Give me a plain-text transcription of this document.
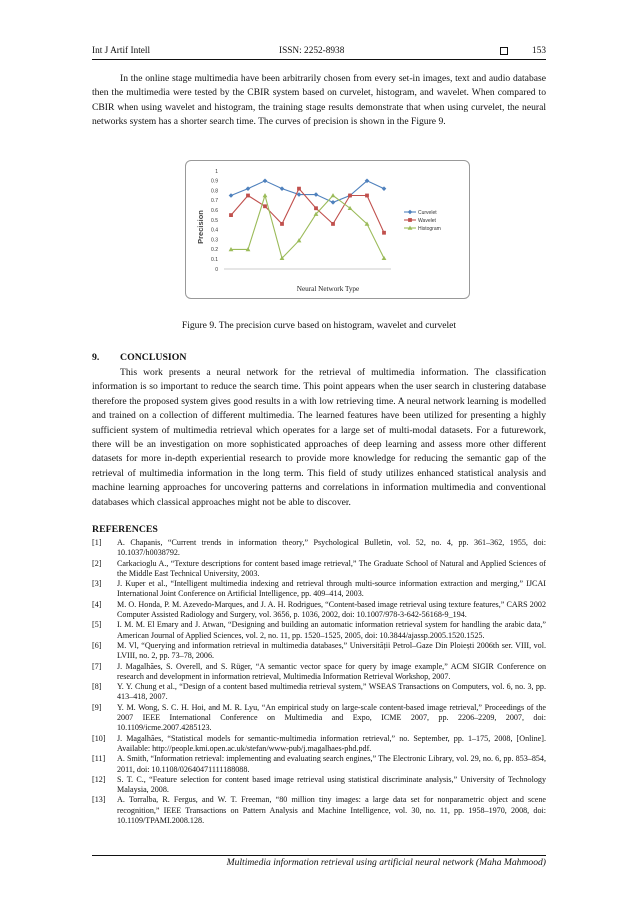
Int J Artif Intell	ISSN: 2252-8938	153

In the online stage multimedia have been arbitrarily chosen from every set-in images, text and audio database then the multimedia were tested by the CBIR system based on curvelet, histogram, and wavelet. When compared to CBIR when using wavelet and histogram, the training stage results demonstrate that when using curvelet, the neural networks system has a shorter search time. The curves of precision is shown in the Figure 9.

Precision
0
0.1
0.2
0.3
0.4
0.5
0.6
0.7
0.8
0.9
1
Curvelet
Wavelet
Histogram
Neural Network Type
Figure 9. The precision curve based on histogram, wavelet and curvelet
9. CONCLUSION

This work presents a neural network for the retrieval of multimedia information. The classification information is so important to reduce the search time. This point appears when the user search in clustering database therefore the proposed system gives good results in a with low retrieving time. A neural network learning is modelled and trained on a collection of different multimedia. The learned features have been utilized for presenting a highly sufficient system of multimedia retrieval which operates for a large set of multi-modal datasets. For a futurework, there will be an investigation on more sophisticated approaches of deep learning and assess more other different datasets for more in-depth experiential research to provide more knowledge for reducing the semantic gap of the retrieval of multimedia information in the long term. This field of study utilizes enhanced statistical analysis and machine learning approaches for uncovering patterns and correlations in information multimedia and conventional databases which classical approaches might not be able to discover.

REFERENCES

[1] A. Chapanis, “Current trends in information theory,” Psychological Bulletin, vol. 52, no. 4, pp. 361–362, 1955, doi: 10.1037/h0038792.

[2] Carkacioglu A., “Texture descriptions for content based image retrieval,” The Graduate School of Natural and Applied Sciences of the Middle East Technical University, 2003.

[3] J. Kuper et al., “Intelligent multimedia indexing and retrieval through multi-source information extraction and merging,” IJCAI International Joint Conference on Artificial Intelligence, pp. 409–414, 2003.

[4] M. O. Honda, P. M. Azevedo-Marques, and J. A. H. Rodrigues, “Content-based image retrieval using texture features,” CARS 2002 Computer Assisted Radiology and Surgery, vol. 3656, p. 1036, 2002, doi: 10.1007/978-3-642-56168-9_194.

[5] I. M. M. El Emary and J. Atwan, “Designing and building an automatic information retrieval system for handling the arabic data,” American Journal of Applied Sciences, vol. 2, no. 11, pp. 1520–1525, 2005, doi: 10.3844/ajassp.2005.1520.1525.

[6] M. Vl, “Querying and information retrieval in multimedia databases,” Universității Petrol–Gaze Din Ploiești 2006th ser. VIII, vol. LVIII, no. 2, pp. 73–78, 2006.

[7] J. Magalhães, S. Overell, and S. Rüger, “A semantic vector space for query by image example,” ACM SIGIR Conference on research and development in information retrieval, Multimedia Information Retrieval Workshop, 2007.

[8] Y. Y. Chung et al., “Design of a content based multimedia retrieval system,” WSEAS Transactions on Computers, vol. 6, no. 3, pp. 413–418, 2007.

[9] Y. M. Wong, S. C. H. Hoi, and M. R. Lyu, “An empirical study on large-scale content-based image retrieval,” Proceedings of the 2007 IEEE International Conference on Multimedia and Expo, ICME 2007, pp. 2206–2209, 2007, doi: 10.1109/icme.2007.4285123.

[10] J. Magalhães, “Statistical models for semantic-multimedia information retrieval,” no. September, pp. 1–175, 2008, [Online]. Available: http://people.kmi.open.ac.uk/stefan/www-pub/j.magalhaes-phd.pdf.

[11] A. Smith, “Information retrieval: implementing and evaluating search engines,” The Electronic Library, vol. 29, no. 6, pp. 853–854, 2011, doi: 10.1108/02640471111188088.

[12] S. T. C., “Feature selection for content based image retrieval using statistical discriminate analysis,” University of Technology Malaysia, 2008.

[13] A. Torralba, R. Fergus, and W. T. Freeman, “80 million tiny images: a large data set for nonparametric object and scene recognition,” IEEE Transactions on Pattern Analysis and Machine Intelligence, vol. 30, no. 11, pp. 1958–1970, 2008, doi: 10.1109/TPAMI.2008.128.

Multimedia information retrieval using artificial neural network (Maha Mahmood)
